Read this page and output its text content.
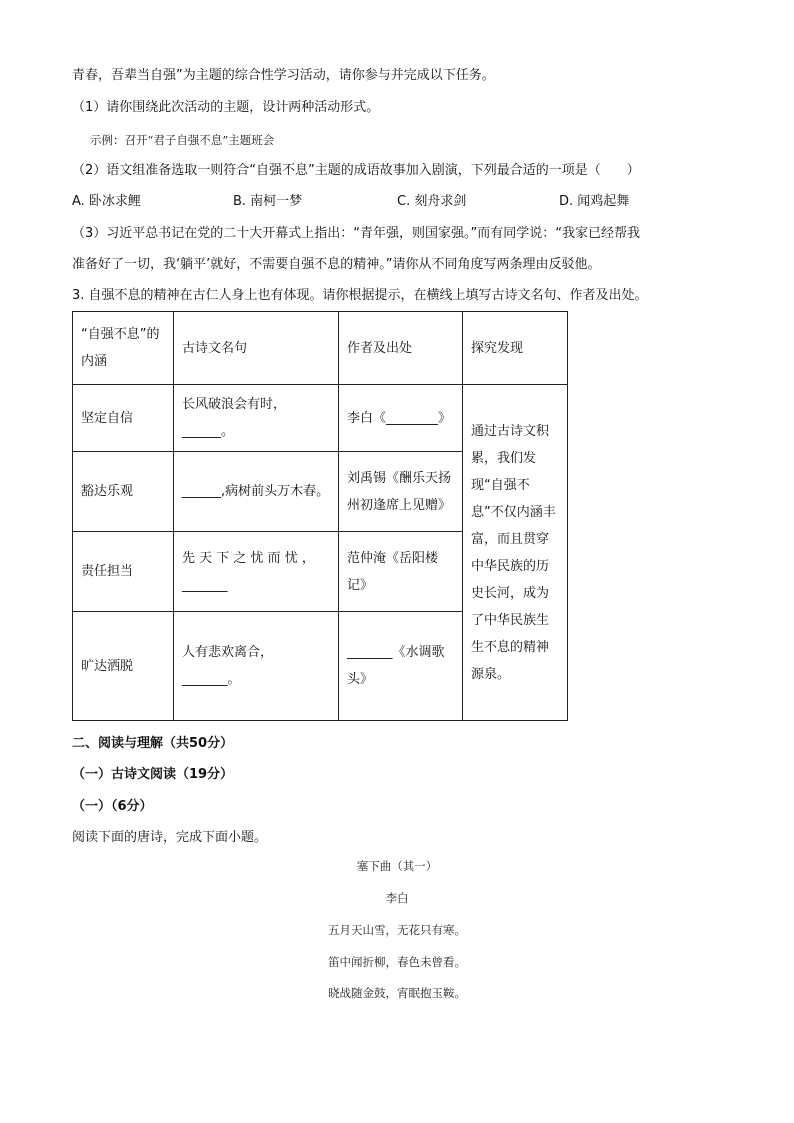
青春，吾辈当自强”为主题的综合性学习活动，请你参与并完成以下任务。
（1）请你围绕此次活动的主题，设计两种活动形式。
示例：召开“君子自强不息”主题班会
（2）语文组准备选取一则符合“自强不息”主题的成语故事加入剧演，下列最合适的一项是（　　）
A. 卧冰求鲤	B. 南柯一梦	C. 刻舟求剑	D. 闻鸡起舞
（3）习近平总书记在党的二十大开幕式上指出：“青年强，则国家强。”而有同学说：“我家已经帮我
准备好了一切，我‘躺平’就好，不需要自强不息的精神。”请你从不同角度写两条理由反驳他。
3. 自强不息的精神在古仁人身上也有体现。请你根据提示，在横线上填写古诗文名句、作者及出处。
“自强不息”的内涵	古诗文名句	作者及出处	探究发现
坚定自信	长风破浪会有时，______。	李白《________》	通过古诗文积累，我们发现“自强不息”不仅内涵丰富，而且贯穿中华民族的历史长河，成为了中华民族生生不息的精神源泉。
豁达乐观	______,病树前头万木春。	刘禹锡《酬乐天扬州初逢席上见赠》	
责任担当	先 天 下 之 忧 而 忧 ，_______	范仲淹《岳阳楼记》	
旷达洒脱	人有悲欢离合，_______。	_______《水调歌头》	
二、阅读与理解（共50分）
（一）古诗文阅读（19分）
（一）（6分）
阅读下面的唐诗，完成下面小题。
塞下曲（其一）
李白
五月天山雪，无花只有寒。
笛中闻折柳，春色未曾看。
晓战随金鼓，宵眠抱玉鞍。
